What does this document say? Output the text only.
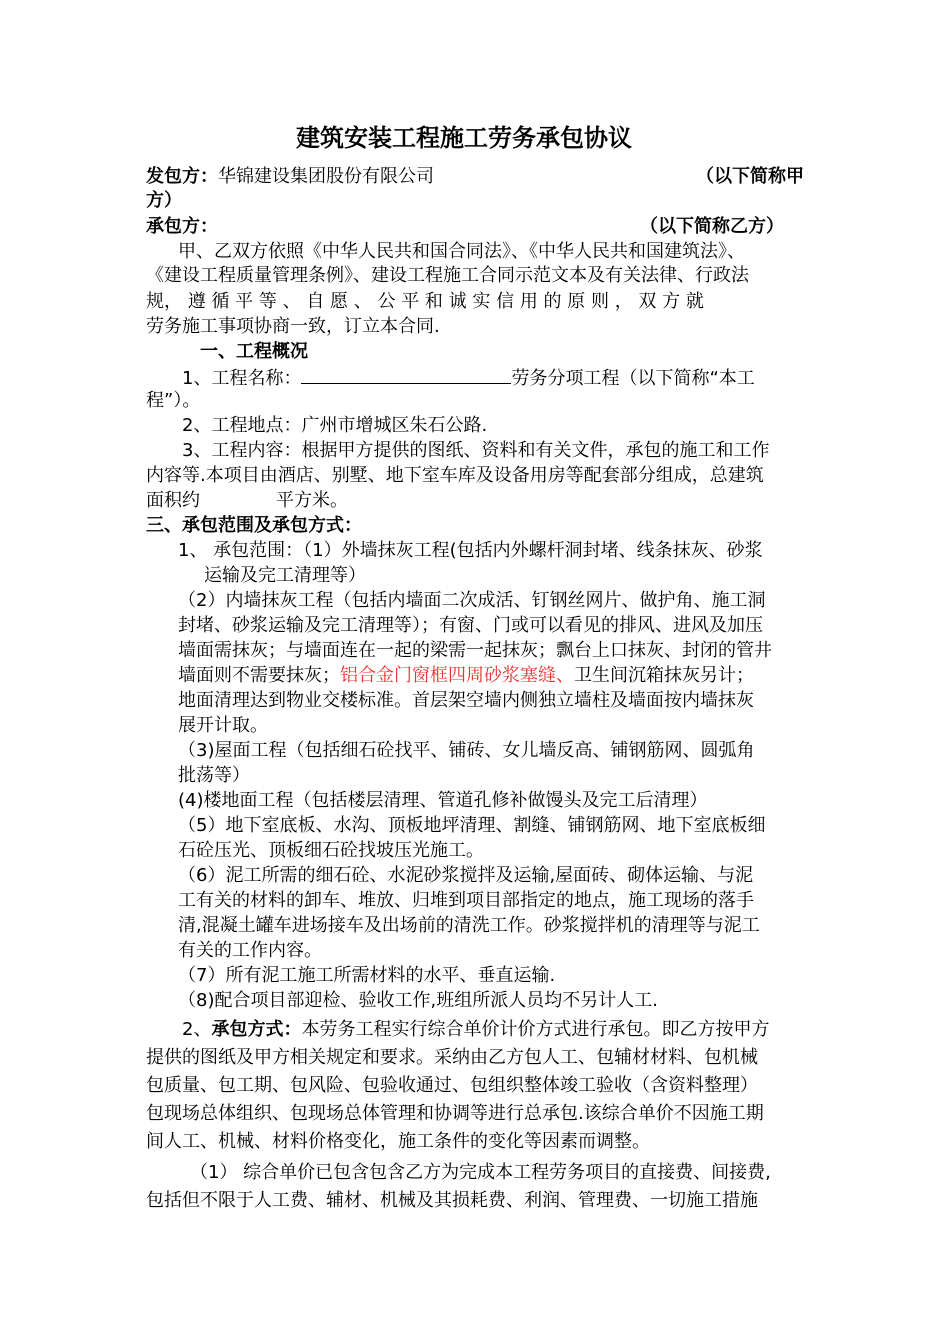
建筑安装工程施工劳务承包协议
发包方：华锦建设集团股份有限公司	（以下简称甲
方）
承包方：	（以下简称乙方）
甲、乙双方依照《中华人民共和国合同法》、《中华人民共和国建筑法》、
《建设工程质量管理条例》、建设工程施工合同示范文本及有关法律、行政法
规， 遵 循 平 等 、 自 愿 、 公 平 和 诚 实 信 用 的 原 则 ， 双 方 就
劳务施工事项协商一致，订立本合同.
一、工程概况
1、工程名称：	劳务分项工程（以下简称“本工
程”）。
2、工程地点：广州市增城区朱石公路.
3、工程内容：根据甲方提供的图纸、资料和有关文件，承包的施工和工作
内容等.本项目由酒店、别墅、地下室车库及设备用房等配套部分组成，总建筑
面积约	平方米。
三、承包范围及承包方式：
1、 承包范围：（1）外墙抹灰工程(包括内外螺杆洞封堵、线条抹灰、砂浆
运输及完工清理等）
（2）内墙抹灰工程（包括内墙面二次成活、钉钢丝网片、做护角、施工洞
封堵、砂浆运输及完工清理等）；有窗、门或可以看见的排风、进风及加压
墙面需抹灰；与墙面连在一起的梁需一起抹灰；飘台上口抹灰、封闭的管井
墙面则不需要抹灰；铝合金门窗框四周砂浆塞缝、卫生间沉箱抹灰另计；
地面清理达到物业交楼标准。首层架空墙内侧独立墙柱及墙面按内墙抹灰
展开计取。
（3)屋面工程（包括细石砼找平、铺砖、女儿墙反高、铺钢筋网、圆弧角
批荡等）
(4)楼地面工程（包括楼层清理、管道孔修补做馒头及完工后清理）
（5）地下室底板、水沟、顶板地坪清理、割缝、铺钢筋网、地下室底板细
石砼压光、顶板细石砼找坡压光施工。
（6）泥工所需的细石砼、水泥砂浆搅拌及运输,屋面砖、砌体运输、与泥
工有关的材料的卸车、堆放、归堆到项目部指定的地点，施工现场的落手
清,混凝土罐车进场接车及出场前的清洗工作。砂浆搅拌机的清理等与泥工
有关的工作内容。
（7）所有泥工施工所需材料的水平、垂直运输.
（8)配合项目部迎检、验收工作,班组所派人员均不另计人工.
2、承包方式：本劳务工程实行综合单价计价方式进行承包。即乙方按甲方
提供的图纸及甲方相关规定和要求。采纳由乙方包人工、包辅材材料、包机械
包质量、包工期、包风险、包验收通过、包组织整体竣工验收（含资料整理）
包现场总体组织、包现场总体管理和协调等进行总承包.该综合单价不因施工期
间人工、机械、材料价格变化，施工条件的变化等因素而调整。
（1） 综合单价已包含包含乙方为完成本工程劳务项目的直接费、间接费,
包括但不限于人工费、辅材、机械及其损耗费、利润、管理费、一切施工措施
